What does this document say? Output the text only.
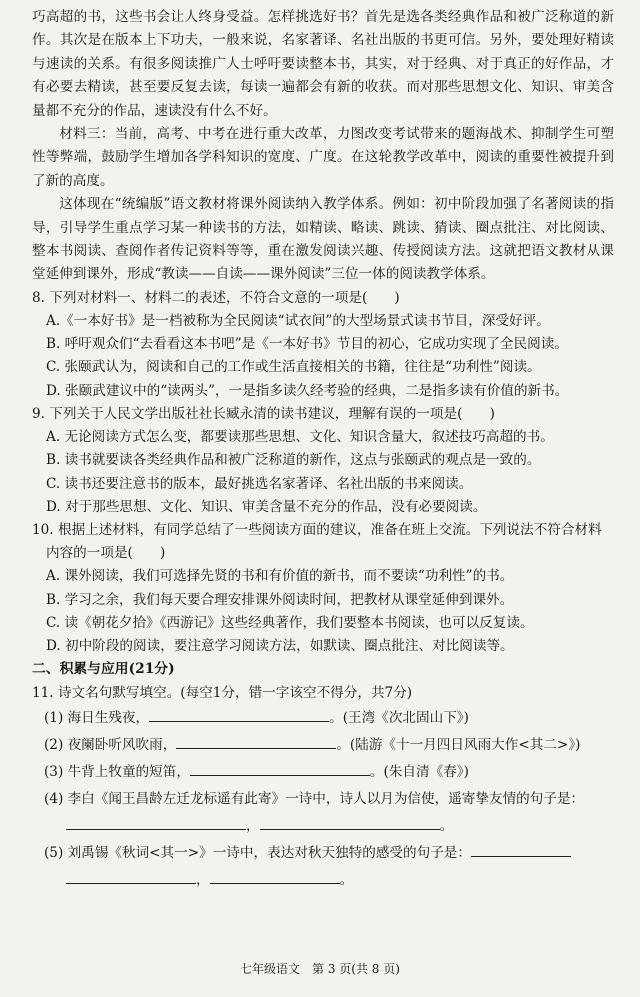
巧高超的书，这些书会让人终身受益。怎样挑选好书？首先是选各类经典作品和被广泛称道的新作。其次是在版本上下功夫，一般来说，名家著译、名社出版的书更可信。另外，要处理好精读与速读的关系。有很多阅读推广人士呼吁要读整本书，其实，对于经典、对于真正的好作品，才有必要去精读，甚至要反复去读，每读一遍都会有新的收获。而对那些思想文化、知识、审美含量都不充分的作品，速读没有什么不好。

材料三：当前，高考、中考在进行重大改革，力图改变考试带来的题海战术、抑制学生可塑性等弊端，鼓励学生增加各学科知识的宽度、广度。在这轮教学改革中，阅读的重要性被提升到了新的高度。

这体现在“统编版”语文教材将课外阅读纳入教学体系。例如：初中阶段加强了名著阅读的指导，引导学生重点学习某一种读书的方法，如精读、略读、跳读、猜读、圈点批注、对比阅读、整本书阅读、查阅作者传记资料等等，重在激发阅读兴趣、传授阅读方法。这就把语文教材从课堂延伸到课外，形成“教读——自读——课外阅读”三位一体的阅读教学体系。

8. 下列对材料一、材料二的表述，不符合文意的一项是(　　)

A.《一本好书》是一档被称为全民阅读“试衣间”的大型场景式读书节目，深受好评。

B. 呼吁观众们“去看看这本书吧”是《一本好书》节目的初心，它成功实现了全民阅读。

C. 张颐武认为，阅读和自己的工作或生活直接相关的书籍，往往是“功利性”阅读。

D. 张颐武建议中的“读两头”，一是指多读久经考验的经典，二是指多读有价值的新书。

9. 下列关于人民文学出版社社长臧永清的读书建议，理解有误的一项是(　　)

A. 无论阅读方式怎么变，都要读那些思想、文化、知识含量大，叙述技巧高超的书。

B. 读书就要读各类经典作品和被广泛称道的新作，这点与张颐武的观点是一致的。

C. 读书还要注意书的版本，最好挑选名家著译、名社出版的书来阅读。

D. 对于那些思想、文化、知识、审美含量不充分的作品，没有必要阅读。

10. 根据上述材料，有同学总结了一些阅读方面的建议，准备在班上交流。下列说法不符合材料内容的一项是(　　)

A. 课外阅读，我们可选择先贤的书和有价值的新书，而不要读“功利性”的书。

B. 学习之余，我们每天要合理安排课外阅读时间，把教材从课堂延伸到课外。

C. 读《朝花夕拾》《西游记》这些经典著作，我们要整本书阅读，也可以反复读。

D. 初中阶段的阅读，要注意学习阅读方法，如默读、圈点批注、对比阅读等。

二、积累与应用(21分)

11. 诗文名句默写填空。(每空1分，错一字该空不得分，共7分)

(1) 海日生残夜，	。(王湾《次北固山下》)

(2) 夜阑卧听风吹雨，	。(陆游《十一月四日风雨大作<其二>》)

(3) 牛背上牧童的短笛，	。(朱自清《春》)

(4) 李白《闻王昌龄左迁龙标遥有此寄》一诗中，诗人以月为信使，遥寄挚友情的句子是：

，	。

(5) 刘禹锡《秋词<其一>》一诗中，表达对秋天独特的感受的句子是：

，	。

七年级语文　第 3 页(共 8 页)
